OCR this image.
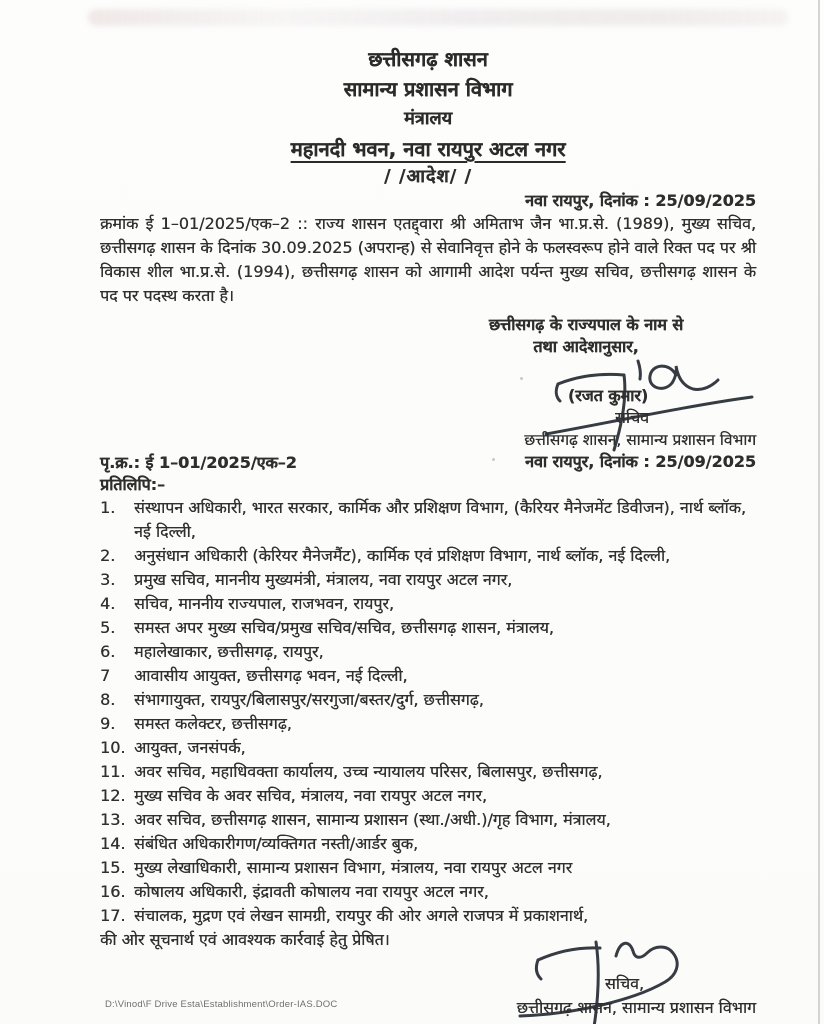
छत्तीसगढ़ शासन
सामान्य प्रशासन विभाग
मंत्रालय
महानदी भवन, नवा रायपुर अटल नगर
/ /आदेश/ /
नवा रायपुर, दिनांक : 25/09/2025

क्रमांक ई 1–01/2025/एक–2 :: राज्य शासन एतद्द्वारा श्री अमिताभ जैन भा.प्र.से. (1989), मुख्य सचिव, छत्तीसगढ़ शासन के दिनांक 30.09.2025 (अपरान्ह) से सेवानिवृत्त होने के फलस्वरूप होने वाले रिक्त पद पर श्री विकास शील भा.प्र.से. (1994), छत्तीसगढ़ शासन को आगामी आदेश पर्यन्त मुख्य सचिव, छत्तीसगढ़ शासन के पद पर पदस्थ करता है।

छत्तीसगढ़ के राज्यपाल के नाम से
तथा आदेशानुसार,
(रजत कुमार)
सचिव
छत्तीसगढ़ शासन, सामान्य प्रशासन विभाग
नवा रायपुर, दिनांक : 25/09/2025
पृ.क्र.: ई 1–01/2025/एक–2
प्रतिलिपि:–
1.	संस्थापन अधिकारी, भारत सरकार, कार्मिक और प्रशिक्षण विभाग, (कैरियर मैनेजमेंट डिवीजन), नार्थ ब्लॉक, नई दिल्ली,
2.	अनुसंधान अधिकारी (केरियर मैनेजमैंट), कार्मिक एवं प्रशिक्षण विभाग, नार्थ ब्लॉक, नई दिल्ली,
3.	प्रमुख सचिव, माननीय मुख्यमंत्री, मंत्रालय, नवा रायपुर अटल नगर,
4.	सचिव, माननीय राज्यपाल, राजभवन, रायपुर,
5.	समस्त अपर मुख्य सचिव/प्रमुख सचिव/सचिव, छत्तीसगढ़ शासन, मंत्रालय,
6.	महालेखाकार, छत्तीसगढ़, रायपुर,
7	आवासीय आयुक्त, छत्तीसगढ़ भवन, नई दिल्ली,
8.	संभागायुक्त, रायपुर/बिलासपुर/सरगुजा/बस्तर/दुर्ग, छत्तीसगढ़,
9.	समस्त कलेक्टर, छत्तीसगढ़,
10. आयुक्त, जनसंपर्क,
11. अवर सचिव, महाधिवक्ता कार्यालय, उच्च न्यायालय परिसर, बिलासपुर, छत्तीसगढ़,
12. मुख्य सचिव के अवर सचिव, मंत्रालय, नवा रायपुर अटल नगर,
13. अवर सचिव, छत्तीसगढ़ शासन, सामान्य प्रशासन (स्था./अधी.)/गृह विभाग, मंत्रालय,
14. संबंधित अधिकारीगण/व्यक्तिगत नस्ती/आर्डर बुक,
15. मुख्य लेखाधिकारी, सामान्य प्रशासन विभाग, मंत्रालय, नवा रायपुर अटल नगर
16. कोषालय अधिकारी, इंद्रावती कोषालय नवा रायपुर अटल नगर,
17. संचालक, मुद्रण एवं लेखन सामग्री, रायपुर की ओर अगले राजपत्र में प्रकाशनार्थ,

की ओर सूचनार्थ एवं आवश्यक कार्रवाई हेतु प्रेषित।

सचिव,
छत्तीसगढ़ शासन, सामान्य प्रशासन विभाग
D:\Vinod\F Drive Esta\Establishment\Order-IAS.DOC
